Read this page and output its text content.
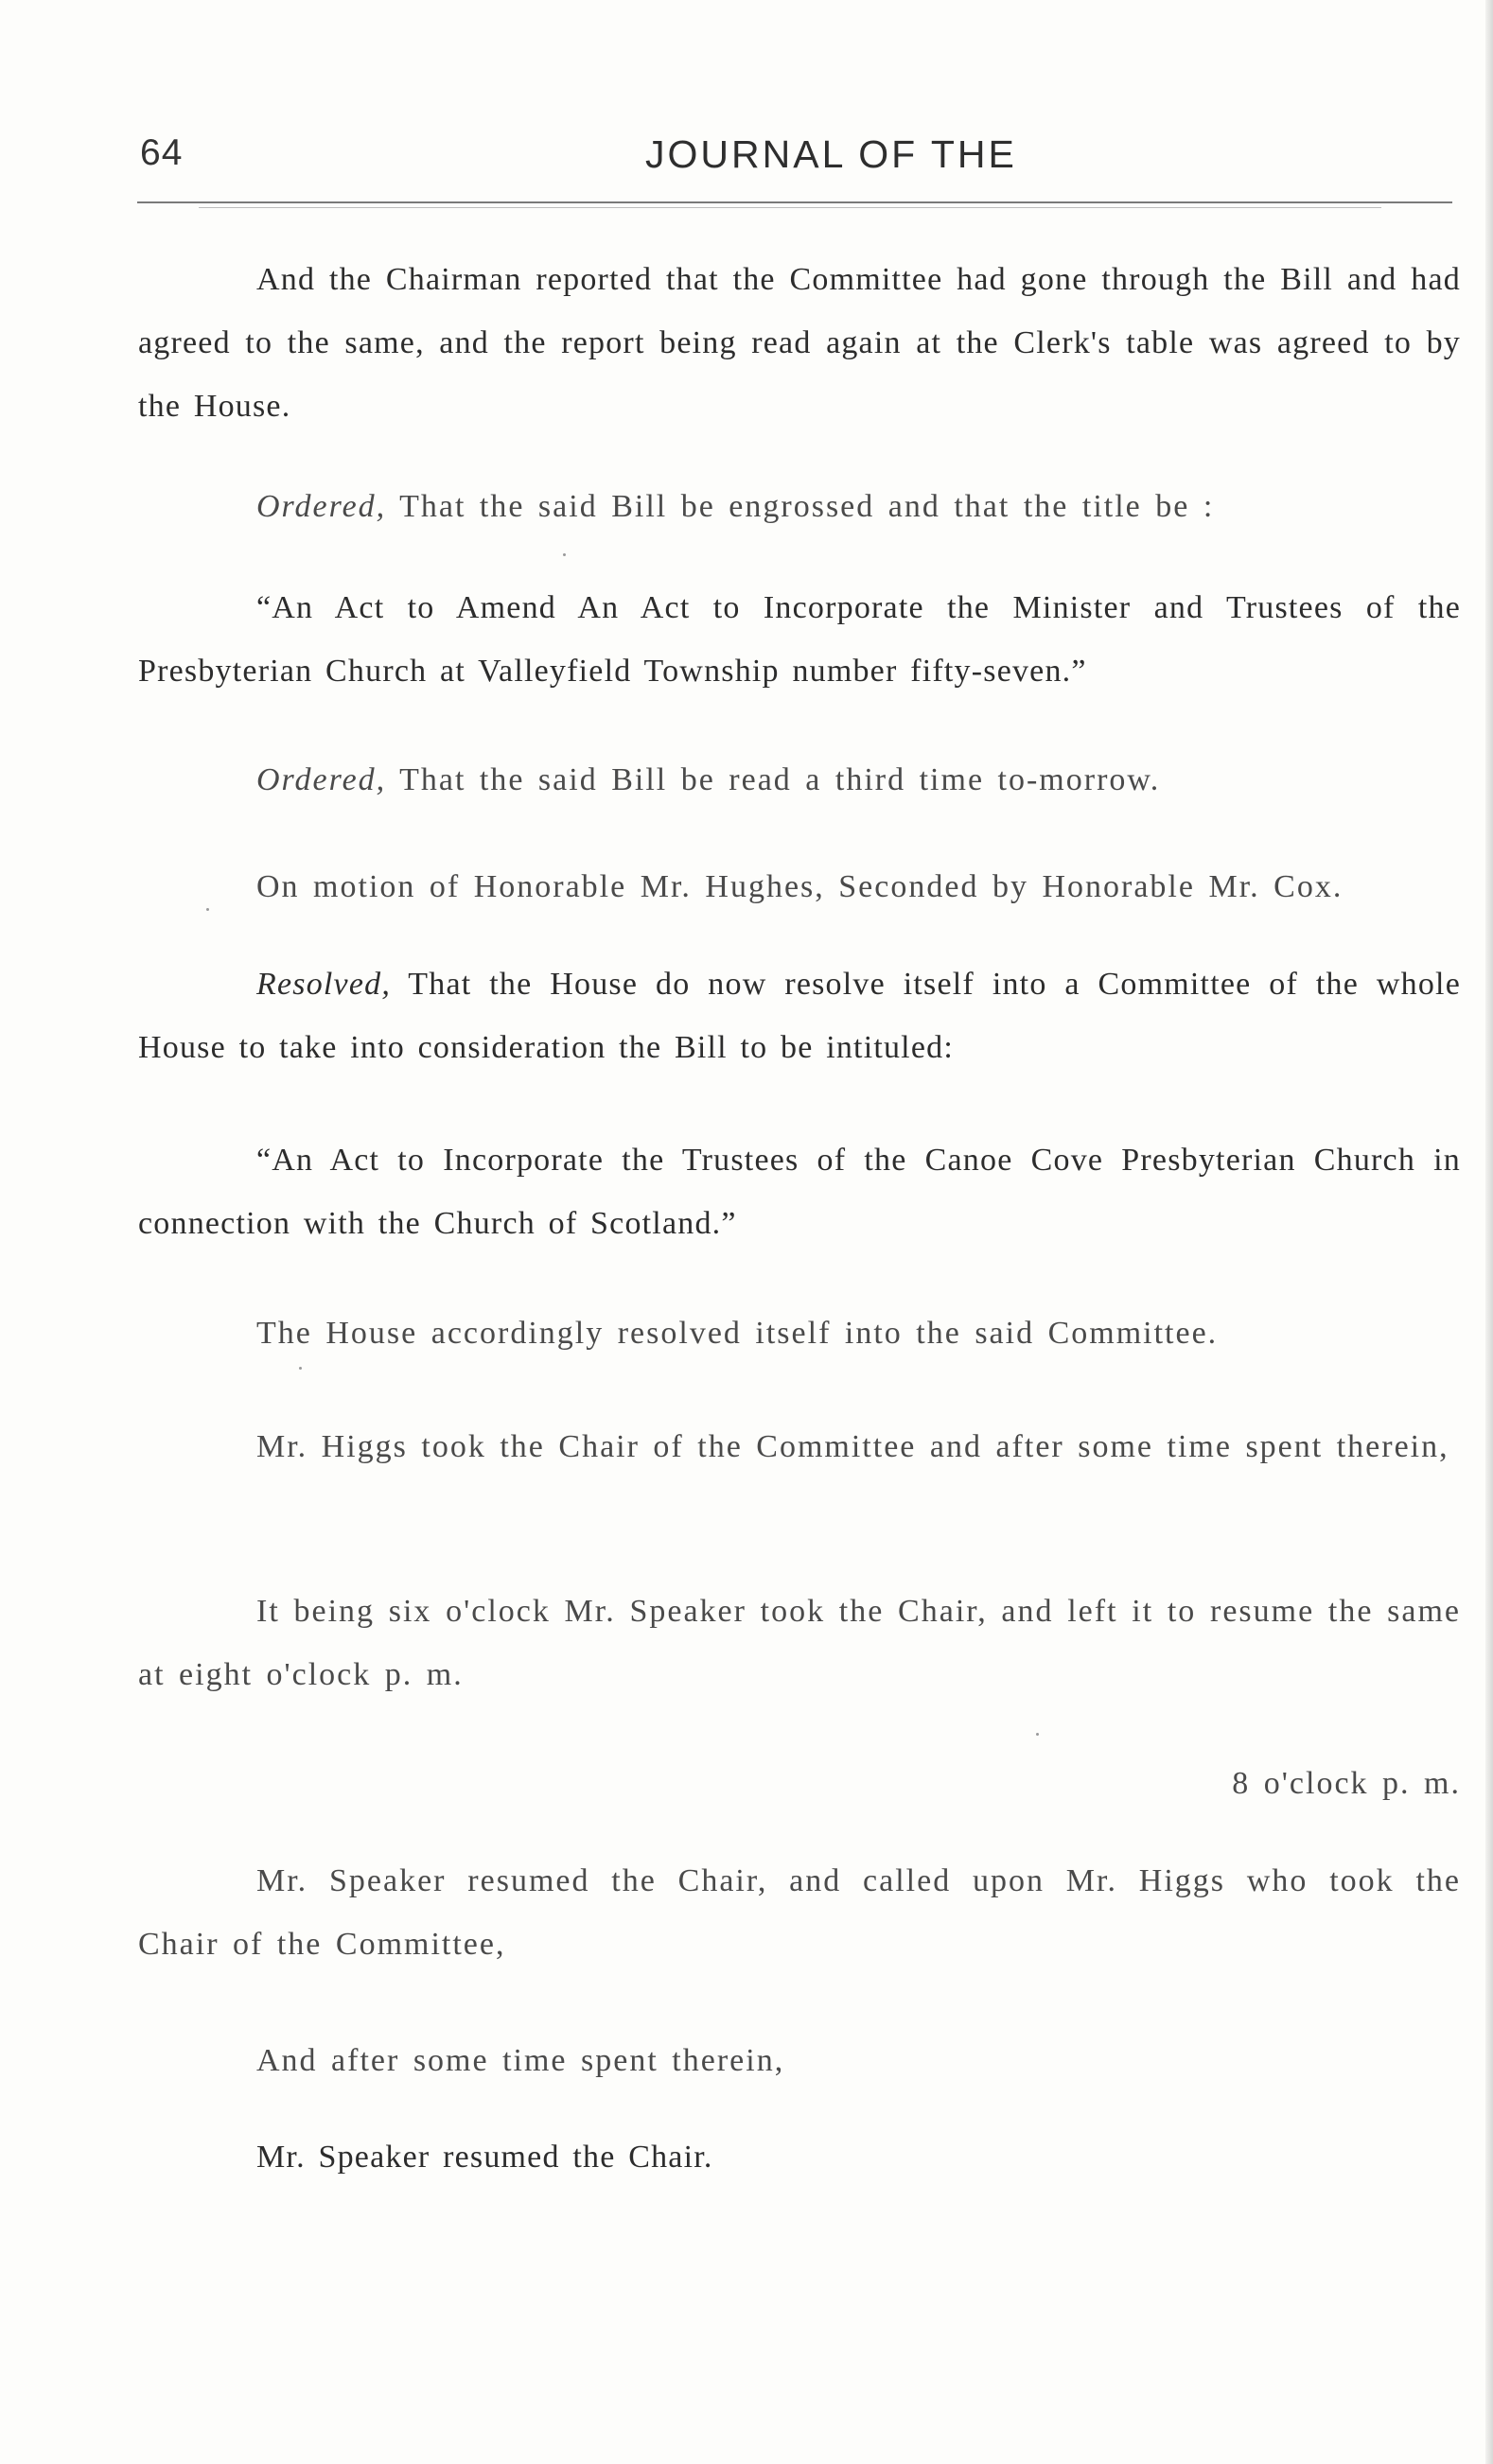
64	JOURNAL OF THE

And the Chairman reported that the Committee had gone through the Bill and had agreed to the same, and the report being read again at the Clerk's table was agreed to by the House.

Ordered, That the said Bill be engrossed and that the title be :

“An Act to Amend An Act to Incorporate the Minister and Trustees of the Presbyterian Church at Valleyfield Township number fifty-seven.”

Ordered, That the said Bill be read a third time to-morrow.

On motion of Honorable Mr. Hughes, Seconded by Honorable Mr. Cox.

Resolved, That the House do now resolve itself into a Committee of the whole House to take into consideration the Bill to be intituled:

“An Act to Incorporate the Trustees of the Canoe Cove Presbyterian Church in connection with the Church of Scotland.”

The House accordingly resolved itself into the said Committee.

Mr. Higgs took the Chair of the Committee and after some time spent therein,

It being six o'clock Mr. Speaker took the Chair, and left it to resume the same at eight o'clock p. m.

8 o'clock p. m.

Mr. Speaker resumed the Chair, and called upon Mr. Higgs who took the Chair of the Committee,

And after some time spent therein,

Mr. Speaker resumed the Chair.
